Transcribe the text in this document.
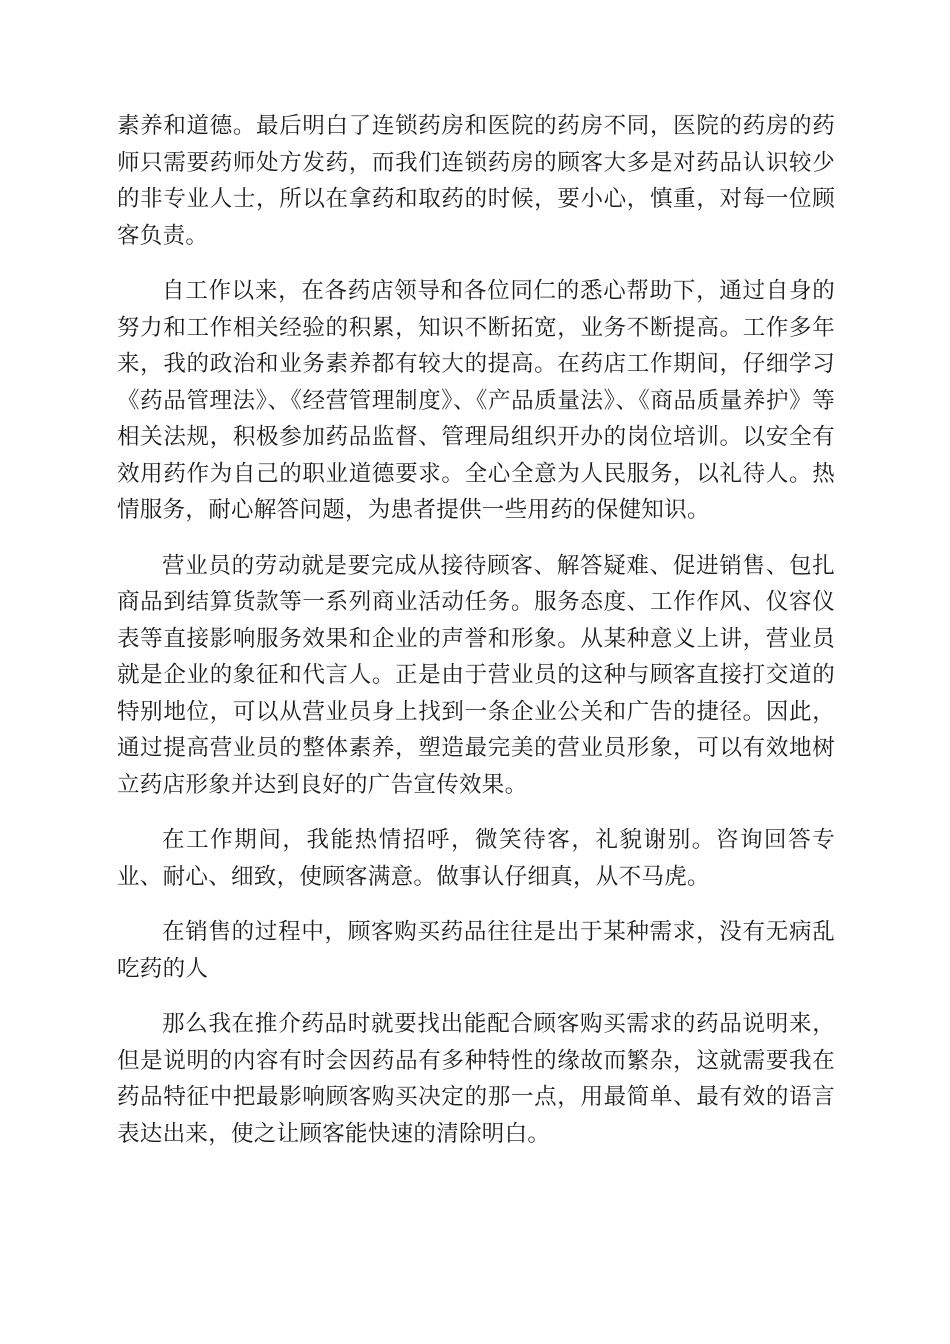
素养和道德。最后明白了连锁药房和医院的药房不同，医院的药房的药师只需要药师处方发药，而我们连锁药房的顾客大多是对药品认识较少的非专业人士，所以在拿药和取药的时候，要小心，慎重，对每一位顾客负责。

自工作以来，在各药店领导和各位同仁的悉心帮助下，通过自身的努力和工作相关经验的积累，知识不断拓宽，业务不断提高。工作多年来，我的政治和业务素养都有较大的提高。在药店工作期间，仔细学习《药品管理法》、《经营管理制度》、《产品质量法》、《商品质量养护》等相关法规，积极参加药品监督、管理局组织开办的岗位培训。以安全有效用药作为自己的职业道德要求。全心全意为人民服务，以礼待人。热情服务，耐心解答问题，为患者提供一些用药的保健知识。

营业员的劳动就是要完成从接待顾客、解答疑难、促进销售、包扎商品到结算货款等一系列商业活动任务。服务态度、工作作风、仪容仪表等直接影响服务效果和企业的声誉和形象。从某种意义上讲，营业员就是企业的象征和代言人。正是由于营业员的这种与顾客直接打交道的特别地位，可以从营业员身上找到一条企业公关和广告的捷径。因此，通过提高营业员的整体素养，塑造最完美的营业员形象，可以有效地树立药店形象并达到良好的广告宣传效果。

在工作期间，我能热情招呼，微笑待客，礼貌谢别。咨询回答专业、耐心、细致，使顾客满意。做事认仔细真，从不马虎。

在销售的过程中，顾客购买药品往往是出于某种需求，没有无病乱吃药的人

那么我在推介药品时就要找出能配合顾客购买需求的药品说明来，但是说明的内容有时会因药品有多种特性的缘故而繁杂，这就需要我在药品特征中把最影响顾客购买决定的那一点，用最简单、最有效的语言表达出来，使之让顾客能快速的清除明白。
